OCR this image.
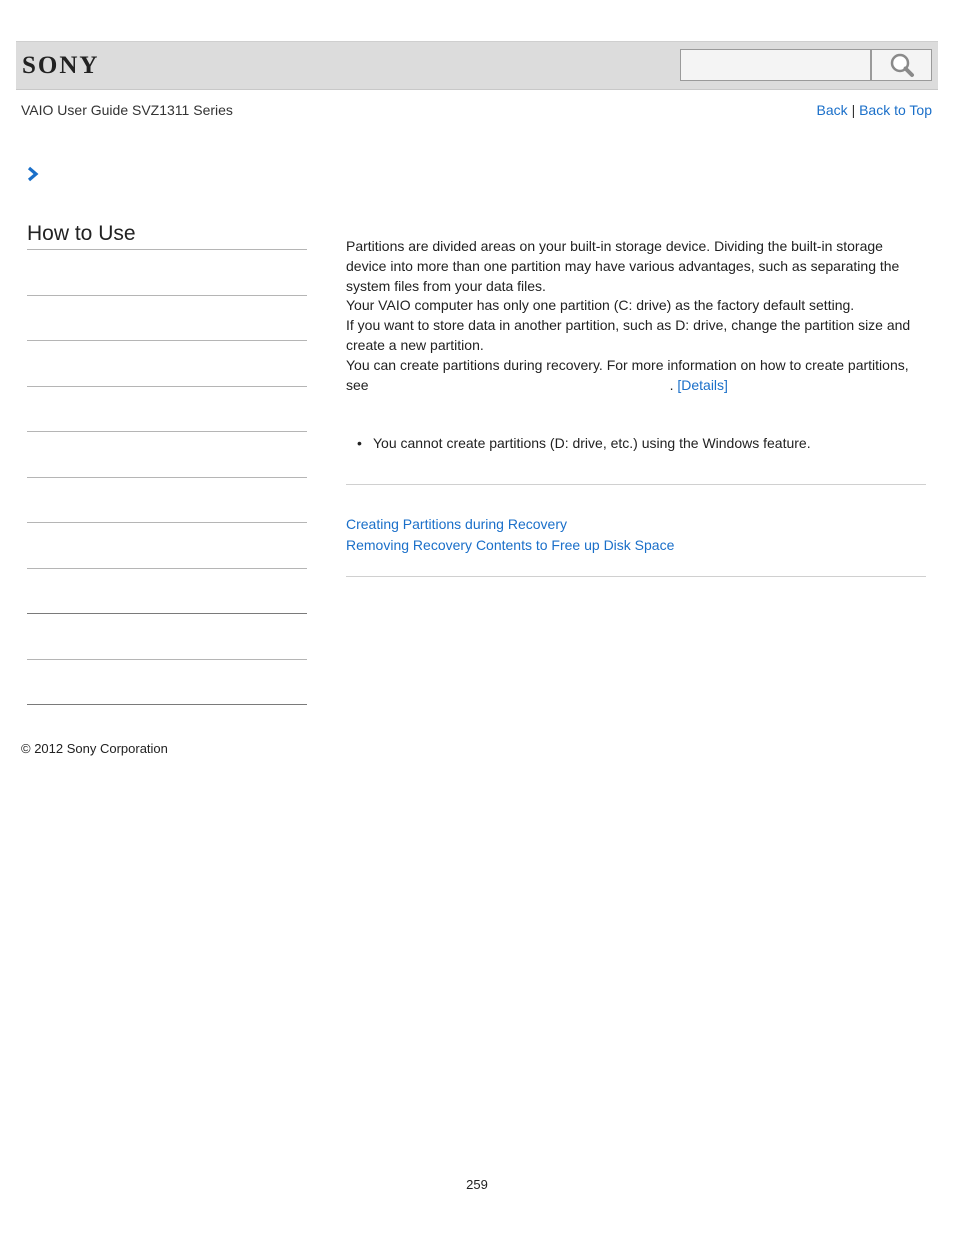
SONY
VAIO User Guide SVZ1311 Series	Back | Back to Top
How to Use

Partitions are divided areas on your built-in storage device. Dividing the built-in storage device into more than one partition may have various advantages, such as separating the system files from your data files.

Your VAIO computer has only one partition (C: drive) as the factory default setting.

If you want to store data in another partition, such as D: drive, change the partition size and create a new partition.

You can create partitions during recovery. For more information on how to create partitions,

see	. [Details]

• You cannot create partitions (D: drive, etc.) using the Windows feature.
Creating Partitions during Recovery
Removing Recovery Contents to Free up Disk Space
© 2012 Sony Corporation
259
